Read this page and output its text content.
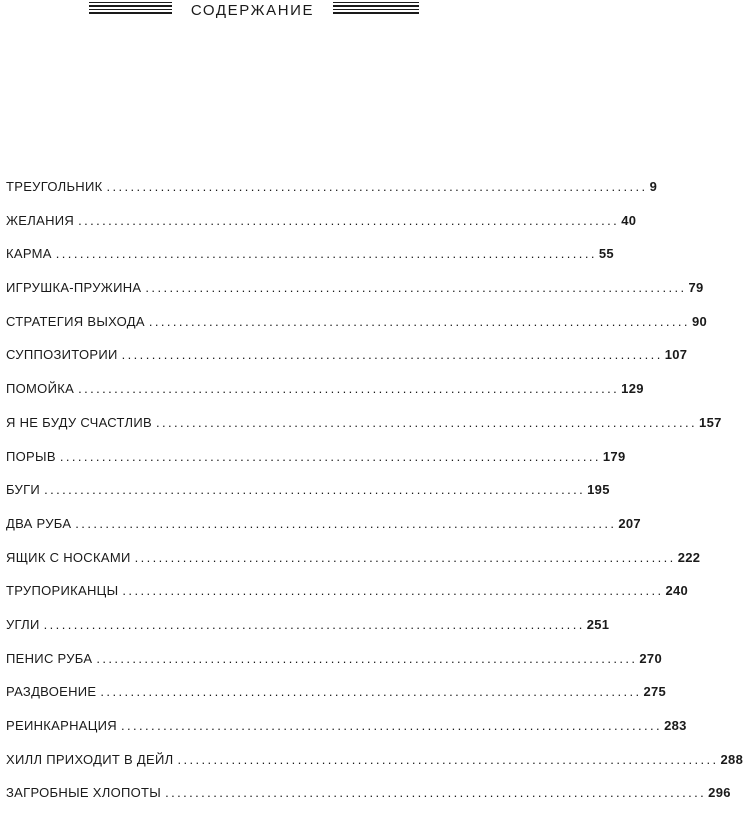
СОДЕРЖАНИЕ
ТРЕУГОЛЬНИК .......................................................................................... 9
ЖЕЛАНИЯ .......................................................................................... 40
КАРМА .......................................................................................... 55
ИГРУШКА-ПРУЖИНА .......................................................................................... 79
СТРАТЕГИЯ ВЫХОДА .......................................................................................... 90
СУППОЗИТОРИИ .......................................................................................... 107
ПОМОЙКА .......................................................................................... 129
Я НЕ БУДУ СЧАСТЛИВ .......................................................................................... 157
ПОРЫВ .......................................................................................... 179
БУГИ .......................................................................................... 195
ДВА РУБА .......................................................................................... 207
ЯЩИК С НОСКАМИ .......................................................................................... 222
ТРУПОРИКАНЦЫ .......................................................................................... 240
УГЛИ .......................................................................................... 251
ПЕНИС РУБА .......................................................................................... 270
РАЗДВОЕНИЕ .......................................................................................... 275
РЕИНКАРНАЦИЯ .......................................................................................... 283
ХИЛЛ ПРИХОДИТ В ДЕЙЛ .......................................................................................... 288
ЗАГРОБНЫЕ ХЛОПОТЫ .......................................................................................... 296
